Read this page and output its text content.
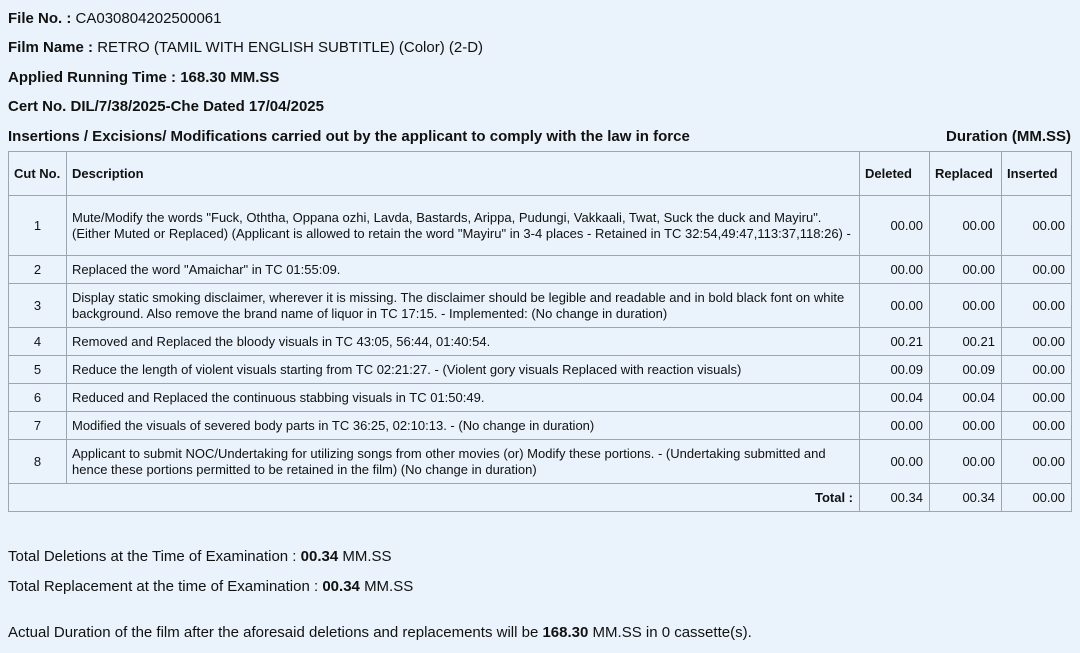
File No. : CA030804202500061
Film Name : RETRO (TAMIL WITH ENGLISH SUBTITLE) (Color) (2-D)
Applied Running Time : 168.30 MM.SS
Cert No. DIL/7/38/2025-Che Dated 17/04/2025
Insertions / Excisions/ Modifications carried out by the applicant to comply with the law in force	Duration (MM.SS)
Cut No.	Description	Deleted	Replaced	Inserted
1	Mute/Modify the words "Fuck, Oththa, Oppana ozhi, Lavda, Bastards, Arippa, Pudungi, Vakkaali, Twat, Suck the duck and Mayiru". (Either Muted or Replaced) (Applicant is allowed to retain the word "Mayiru" in 3-4 places - Retained in TC 32:54,49:47,113:37,118:26) -	00.00	00.00	00.00
2	Replaced the word "Amaichar" in TC 01:55:09.	00.00	00.00	00.00
3	Display static smoking disclaimer, wherever it is missing. The disclaimer should be legible and readable and in bold black font on white background. Also remove the brand name of liquor in TC 17:15. - Implemented: (No change in duration)	00.00	00.00	00.00
4	Removed and Replaced the bloody visuals in TC 43:05, 56:44, 01:40:54.	00.21	00.21	00.00
5	Reduce the length of violent visuals starting from TC 02:21:27. - (Violent gory visuals Replaced with reaction visuals)	00.09	00.09	00.00
6	Reduced and Replaced the continuous stabbing visuals in TC 01:50:49.	00.04	00.04	00.00
7	Modified the visuals of severed body parts in TC 36:25, 02:10:13. - (No change in duration)	00.00	00.00	00.00
8	Applicant to submit NOC/Undertaking for utilizing songs from other movies (or) Modify these portions. - (Undertaking submitted and hence these portions permitted to be retained in the film) (No change in duration)	00.00	00.00	00.00
Total :		00.34	00.34	00.00
Total Deletions at the Time of Examination : 00.34 MM.SS
Total Replacement at the time of Examination : 00.34 MM.SS
Actual Duration of the film after the aforesaid deletions and replacements will be 168.30 MM.SS in 0 cassette(s).
